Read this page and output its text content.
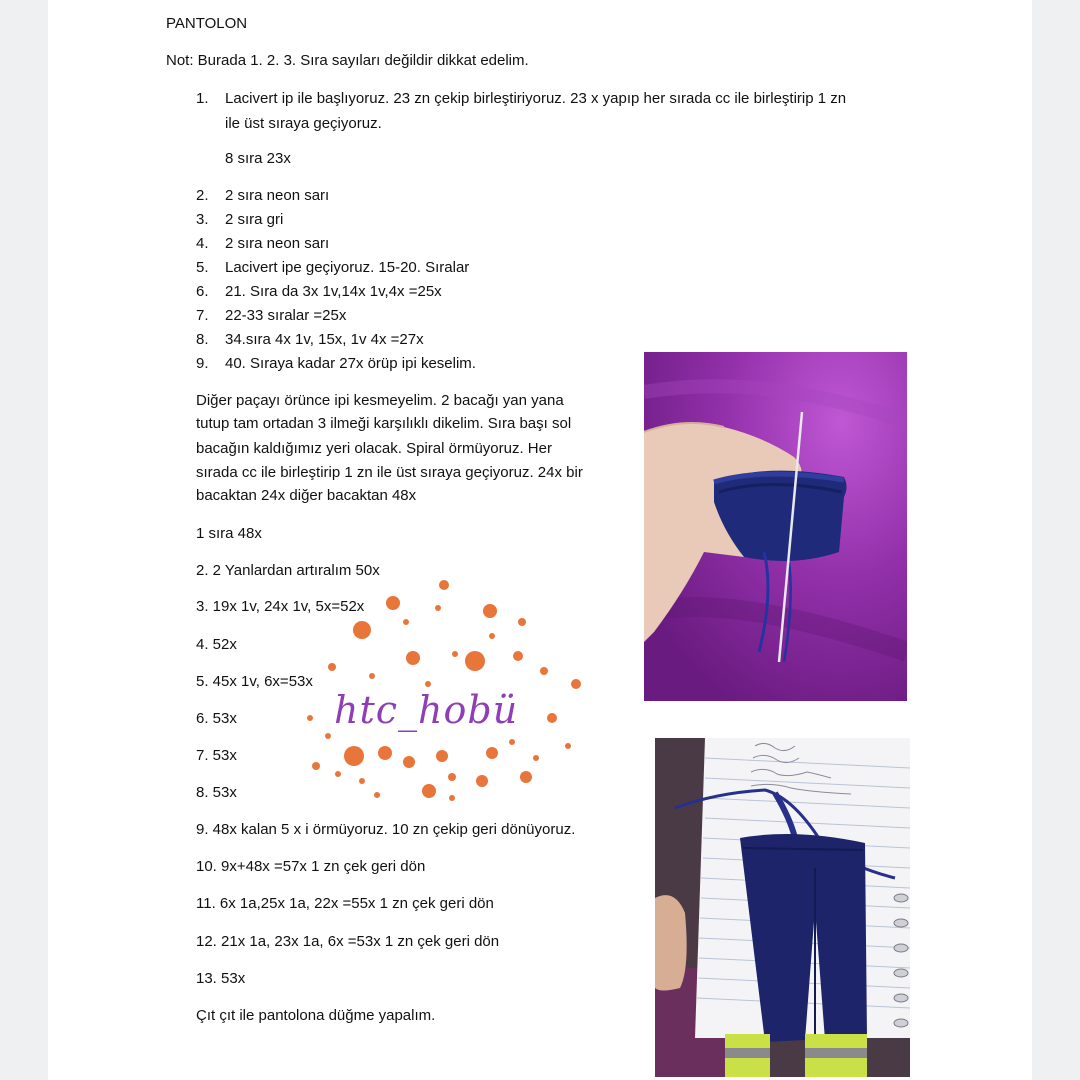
PANTOLON
Not: Burada 1. 2. 3. Sıra sayıları değildir dikkat edelim.
1. Lacivert ip ile başlıyoruz. 23 zn çekip birleştiriyoruz. 23 x yapıp her sırada cc ile birleştirip 1 zn
ile üst sıraya geçiyoruz.
8 sıra 23x
2. 2 sıra neon sarı
3. 2 sıra gri
4. 2 sıra neon sarı
5. Lacivert ipe geçiyoruz. 15-20. Sıralar
6. 21. Sıra da 3x 1v,14x 1v,4x =25x
7. 22-33 sıralar =25x
8. 34.sıra 4x 1v, 15x, 1v 4x =27x
9. 40. Sıraya kadar 27x örüp ipi keselim.
Diğer paçayı örünce ipi kesmeyelim. 2 bacağı yan yana
tutup tam ortadan 3 ilmeği karşılıklı dikelim. Sıra başı sol
bacağın kaldığımız yeri olacak. Spiral örmüyoruz. Her
sırada cc ile birleştirip 1 zn ile üst sıraya geçiyoruz. 24x bir
bacaktan 24x diğer bacaktan 48x
1 sıra 48x
2. 2 Yanlardan artıralım 50x
3. 19x 1v, 24x 1v, 5x=52x
4. 52x
5. 45x 1v, 6x=53x
6. 53x
7. 53x
8. 53x
9. 48x kalan 5 x i örmüyoruz. 10 zn çekip geri dönüyoruz.
10. 9x+48x =57x 1 zn çek geri dön
11. 6x 1a,25x 1a, 22x =55x 1 zn çek geri dön
12. 21x 1a, 23x 1a, 6x =53x 1 zn çek geri dön
13. 53x
Çıt çıt ile pantolona düğme yapalım.
htc_hobü
